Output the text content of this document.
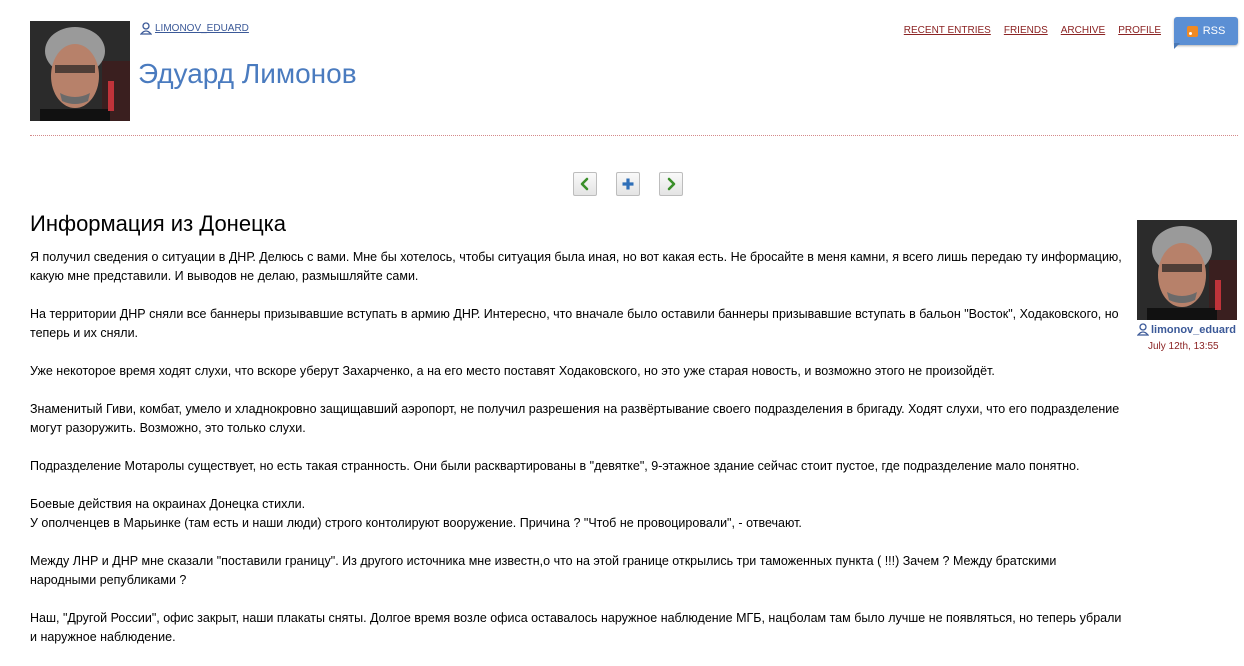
LIMONOV_EDUARD
Эдуард Лимонов
RECENT ENTRIES FRIENDS ARCHIVE PROFILE	RSS
Информация из Донецка

Я получил сведения о ситуации в ДНР. Делюсь с вами. Мне бы хотелось, чтобы ситуация была иная, но вот какая есть. Не бросайте в меня камни, я всего лишь передаю ту информацию, какую мне представили. И выводов не делаю, размышляйте сами.

На территории ДНР сняли все баннеры призывавшие вступать в армию ДНР. Интересно, что вначале было оставили баннеры призывавшие вступать в бальон "Восток", Ходаковского, но теперь и их сняли.

Уже некоторое время ходят слухи, что вскоре уберут Захарченко, а на его место поставят Ходаковского, но это уже старая новость, и возможно этого не произойдёт.

Знаменитый Гиви, комбат, умело и хладнокровно защищавший аэропорт, не получил разрешения на развёртывание своего подразделения в бригаду. Ходят слухи, что его подразделение могут разоружить. Возможно, это только слухи.

Подразделение Мотаролы существует, но есть такая странность. Они были расквартированы в "девятке", 9-этажное здание сейчас стоит пустое, где подразделение мало понятно.

Боевые действия на окраинах Донецка стихли.

У ополченцев в Марьинке (там есть и наши люди) строго контолируют вооружение. Причина ? "Чтоб не провоцировали", - отвечают.

Между ЛНР и ДНР мне сказали "поставили границу". Из другого источника мне известн,о что на этой границе открылись три таможенных пункта ( !!!) Зачем ? Между братскими народными републиками ?

Наш, "Другой России", офис закрыт, наши плакаты сняты. Долгое время возле офиса оставалось наружное наблюдение МГБ, нацболам там было лучше не появляться, но теперь убрали и наружное наблюдение.

limonov_eduard
July 12th, 13:55
